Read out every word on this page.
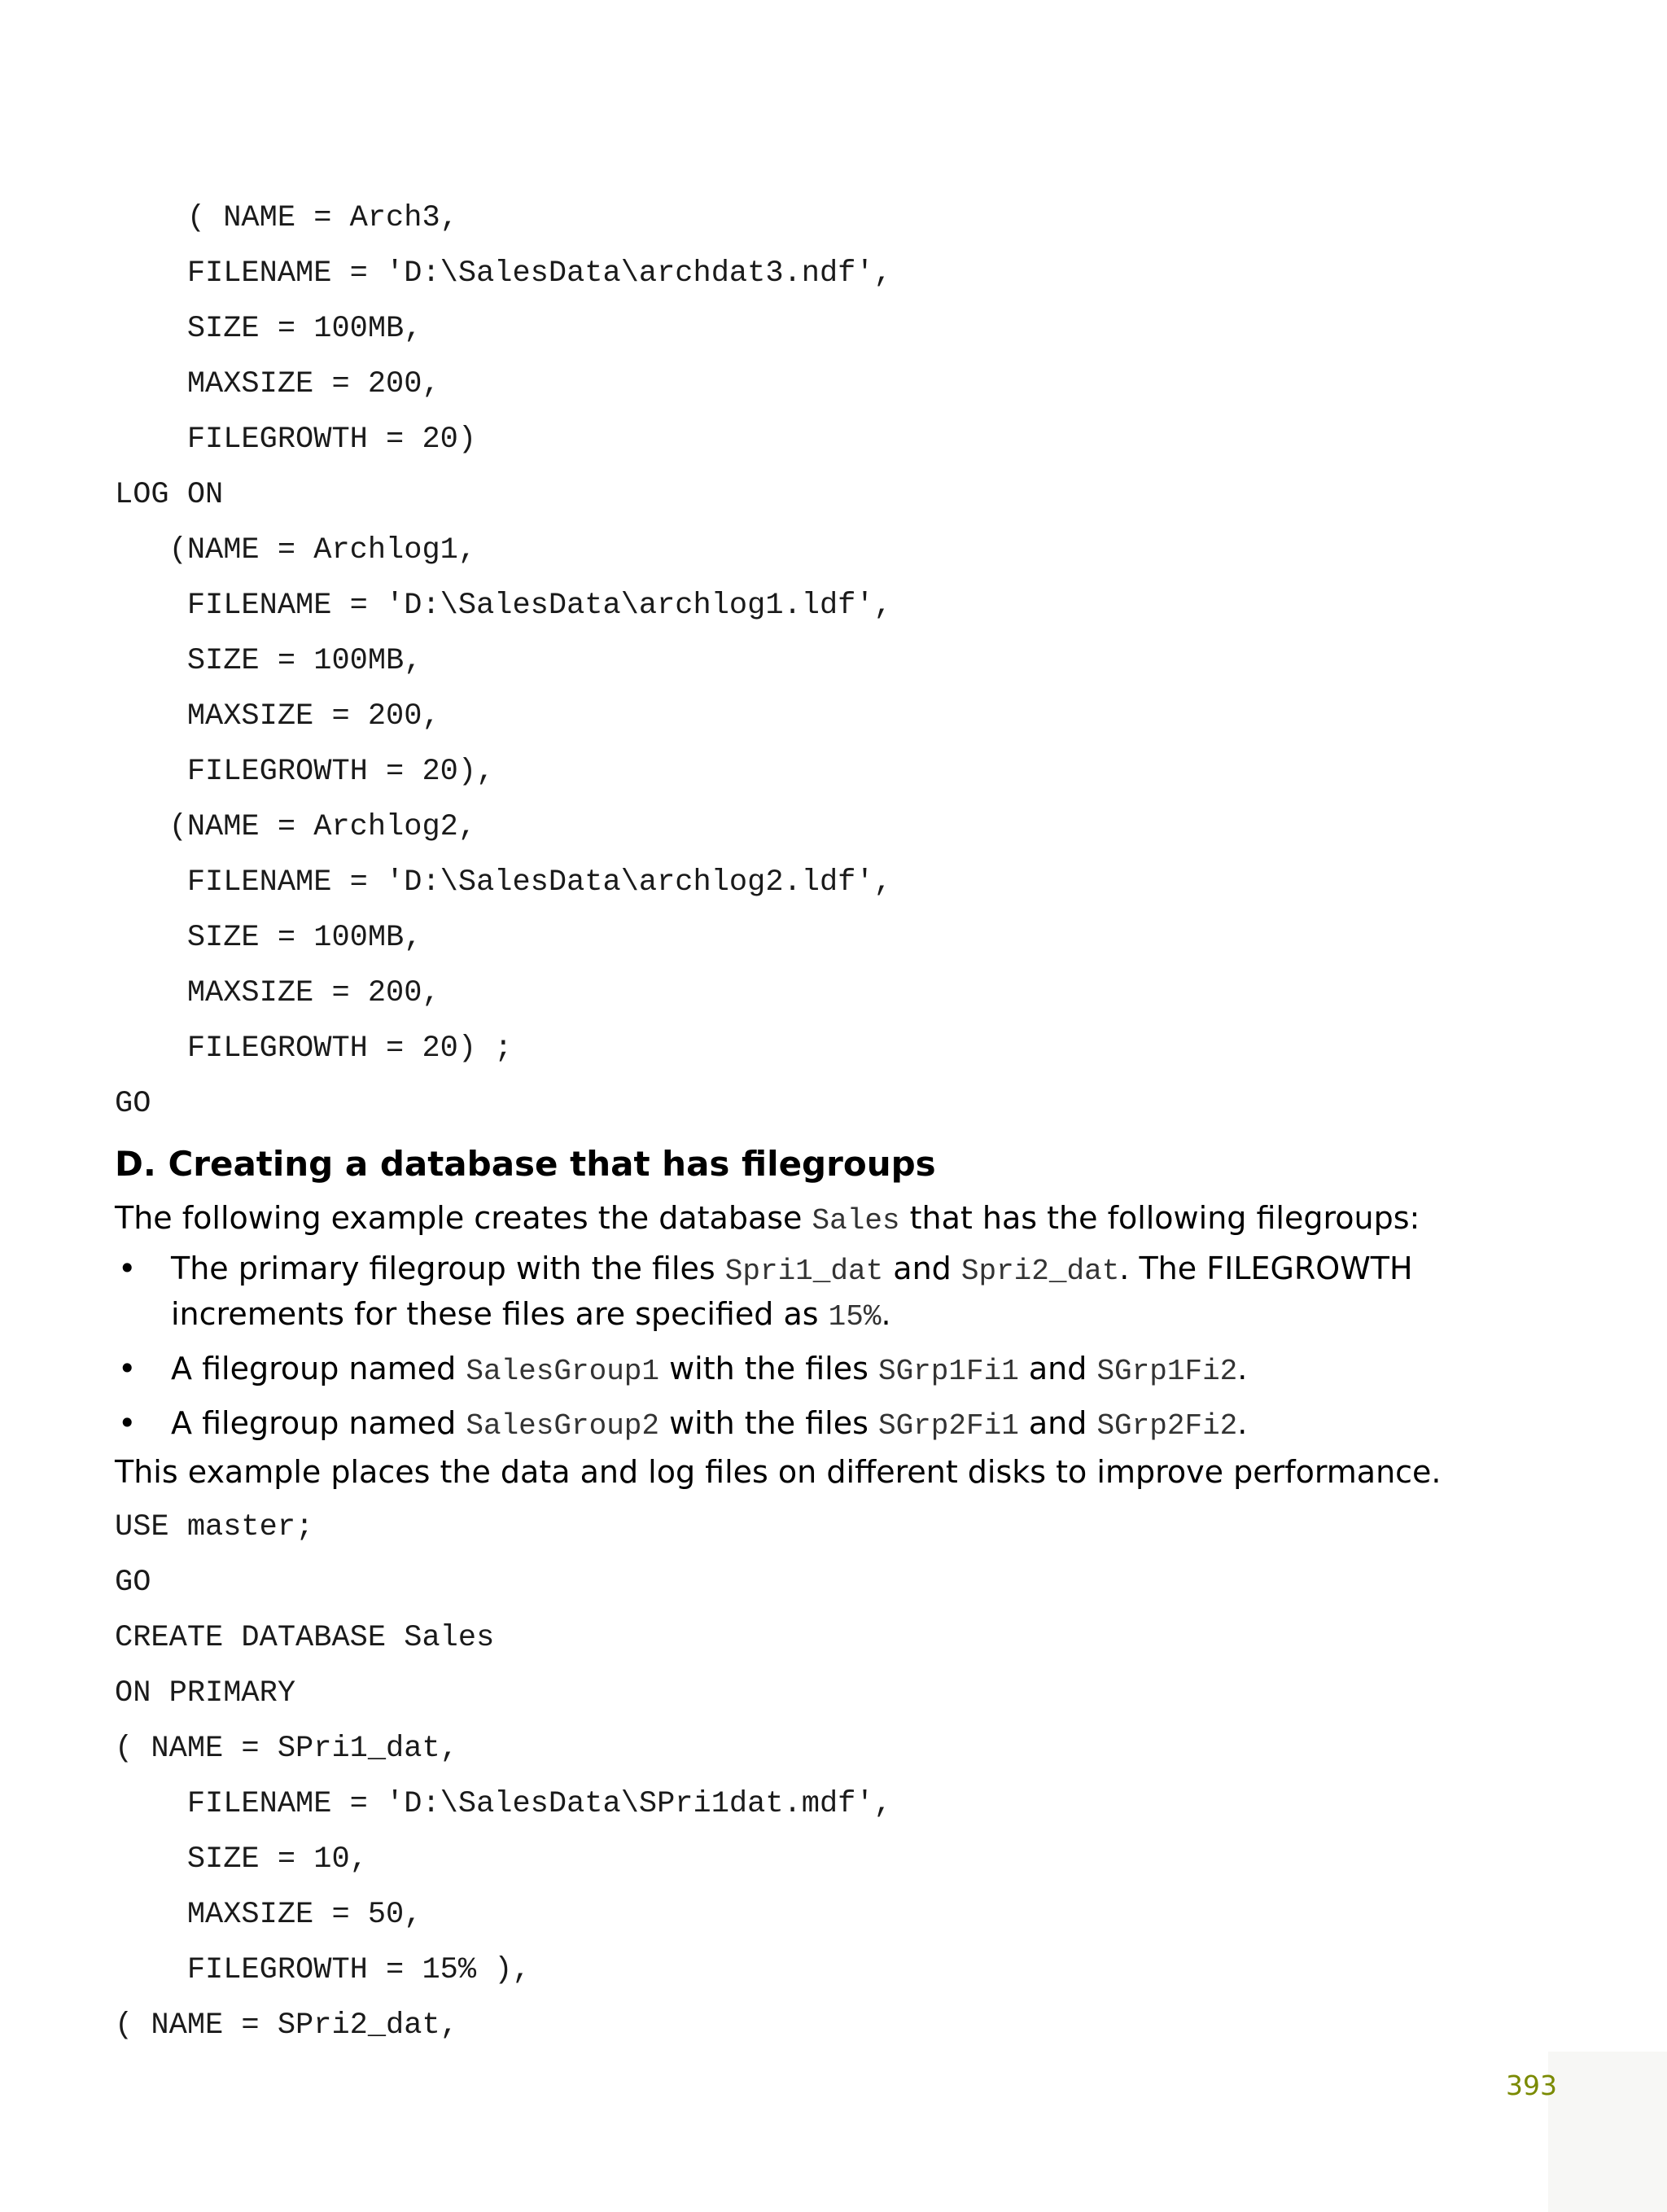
( NAME = Arch3,
FILENAME = 'D:\SalesData\archdat3.ndf',
SIZE = 100MB,
MAXSIZE = 200,
FILEGROWTH = 20)
LOG ON
(NAME = Archlog1,
FILENAME = 'D:\SalesData\archlog1.ldf',
SIZE = 100MB,
MAXSIZE = 200,
FILEGROWTH = 20),
(NAME = Archlog2,
FILENAME = 'D:\SalesData\archlog2.ldf',
SIZE = 100MB,
MAXSIZE = 200,
FILEGROWTH = 20) ;
GO
D. Creating a database that has filegroups

The following example creates the database Sales that has the following filegroups:

• The primary filegroup with the files Spri1_dat and Spri2_dat. The FILEGROWTH increments for these files are specified as 15%.
• A filegroup named SalesGroup1 with the files SGrp1Fi1 and SGrp1Fi2.
• A filegroup named SalesGroup2 with the files SGrp2Fi1 and SGrp2Fi2.

This example places the data and log files on different disks to improve performance.

USE master;
GO
CREATE DATABASE Sales
ON PRIMARY
( NAME = SPri1_dat,
FILENAME = 'D:\SalesData\SPri1dat.mdf',
SIZE = 10,
MAXSIZE = 50,
FILEGROWTH = 15% ),
( NAME = SPri2_dat,
393
